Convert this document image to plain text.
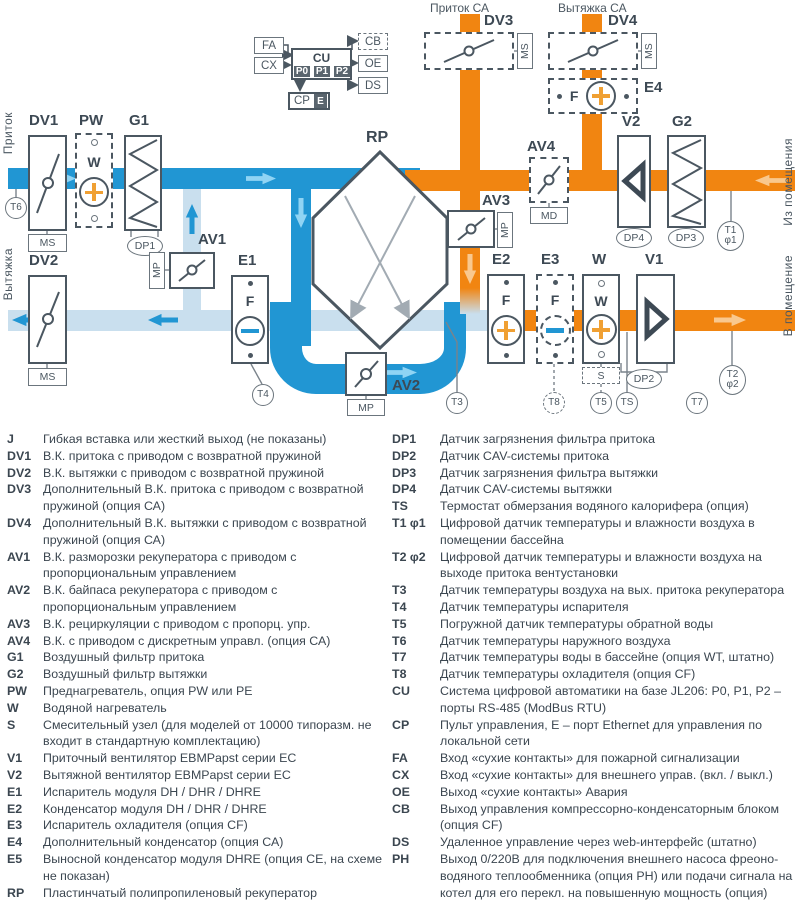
FA
CX
CU
P0 P1 P2
CB
OE
DS
CP E
Приток СА	Вытяжка СА
Приток
Вытяжка
Из помещения
В помещение
DV1
MS
Т6
PW
W
G1
DP1	AV1
MP
E1
F
Т4
DV2
MS
RP
AV2
MP	Т3
DV3
MS
DV4
MS
E4
F
AV3
MP
AV4
MD
V2
DP4
G2
DP3
Т1
φ1
E2
F
E3
F
Т8
W
W
S
Т5	TS
V1
DP2
Т7
Т2
φ2
J	Гибкая вставка или жесткий выход (не показаны)
DV1 В.К. притока с приводом с возвратной пружиной
DV2 В.К. вытяжки с приводом с возвратной пружиной
DV3 Дополнительный В.К. притока с приводом с возвратной пружиной (опция СА)
DV4 Дополнительный В.К. вытяжки с приводом с возвратной пружиной (опция СА)
AV1	В.К. разморозки рекуператора с приводом с пропорциональным управлением
AV2	В.К. байпаса рекуператора с приводом с пропорциональным управлением
AV3	В.К. рециркуляции с приводом с пропорц. упр.
AV4	В.К. с приводом с дискретным управл. (опция СА)
G1	Воздушный фильтр притока
G2	Воздушный фильтр вытяжки
PW	Преднагреватель, опция PW или PE
W	Водяной нагреватель
S	Смесительный узел (для моделей от 10000 типоразм. не входит в стандартную комплектацию)
V1	Приточный вентилятор EBMPapst серии ЕС
V2	Вытяжной вентилятор EBMPapst серии ЕС
E1	Испаритель модуля DH / DHR / DHRE
E2	Конденсатор модуля DH / DHR / DHRE
E3	Испаритель охладителя (опция CF)
E4	Дополнительный конденсатор (опция СА)
E5	Выносной конденсатор модуля DHRE (опция СЕ, на схеме не показан)
RP	Пластинчатый полипропиленовый рекуператор
DP1	Датчик загрязнения фильтра притока
DP2	Датчик CAV-системы притока
DP3	Датчик загрязнения фильтра вытяжки
DP4	Датчик CAV-системы вытяжки
TS	Термостат обмерзания водяного калорифера (опция)
Т1 φ1	Цифровой датчик температуры и влажности воздуха в помещении бассейна
Т2 φ2	Цифровой датчик температуры и влажности воздуха на выходе притока вентустановки
Т3	Датчик температуры воздуха на вых. притока рекуператора
Т4	Датчик температуры испарителя
Т5	Погружной датчик температуры обратной воды
Т6	Датчик температуры наружного воздуха
Т7	Датчик температуры воды в бассейне (опция WT, штатно)
Т8	Датчик температуры охладителя (опция CF)
CU	Система цифровой автоматики на базе JL206: P0, P1, P2 – порты RS-485 (ModBus RTU)
CP	Пульт управления, Е – порт Ethernet для управления по локальной сети
FA	Вход «сухие контакты» для пожарной сигнализации
CX	Вход «сухие контакты» для внешнего управ. (вкл. / выкл.)
OE	Выход «сухие контакты» Авария
CB	Выход управления компрессорно-конденсаторным блоком (опция CF)
DS	Удаленное управление через web-интерфейс (штатно)
PH	Выход 0/220В для подключения внешнего насоса фреоно-водяного теплообменника (опция PH) или подачи сигнала на котел для его перекл. на повышенную мощность (опция)
